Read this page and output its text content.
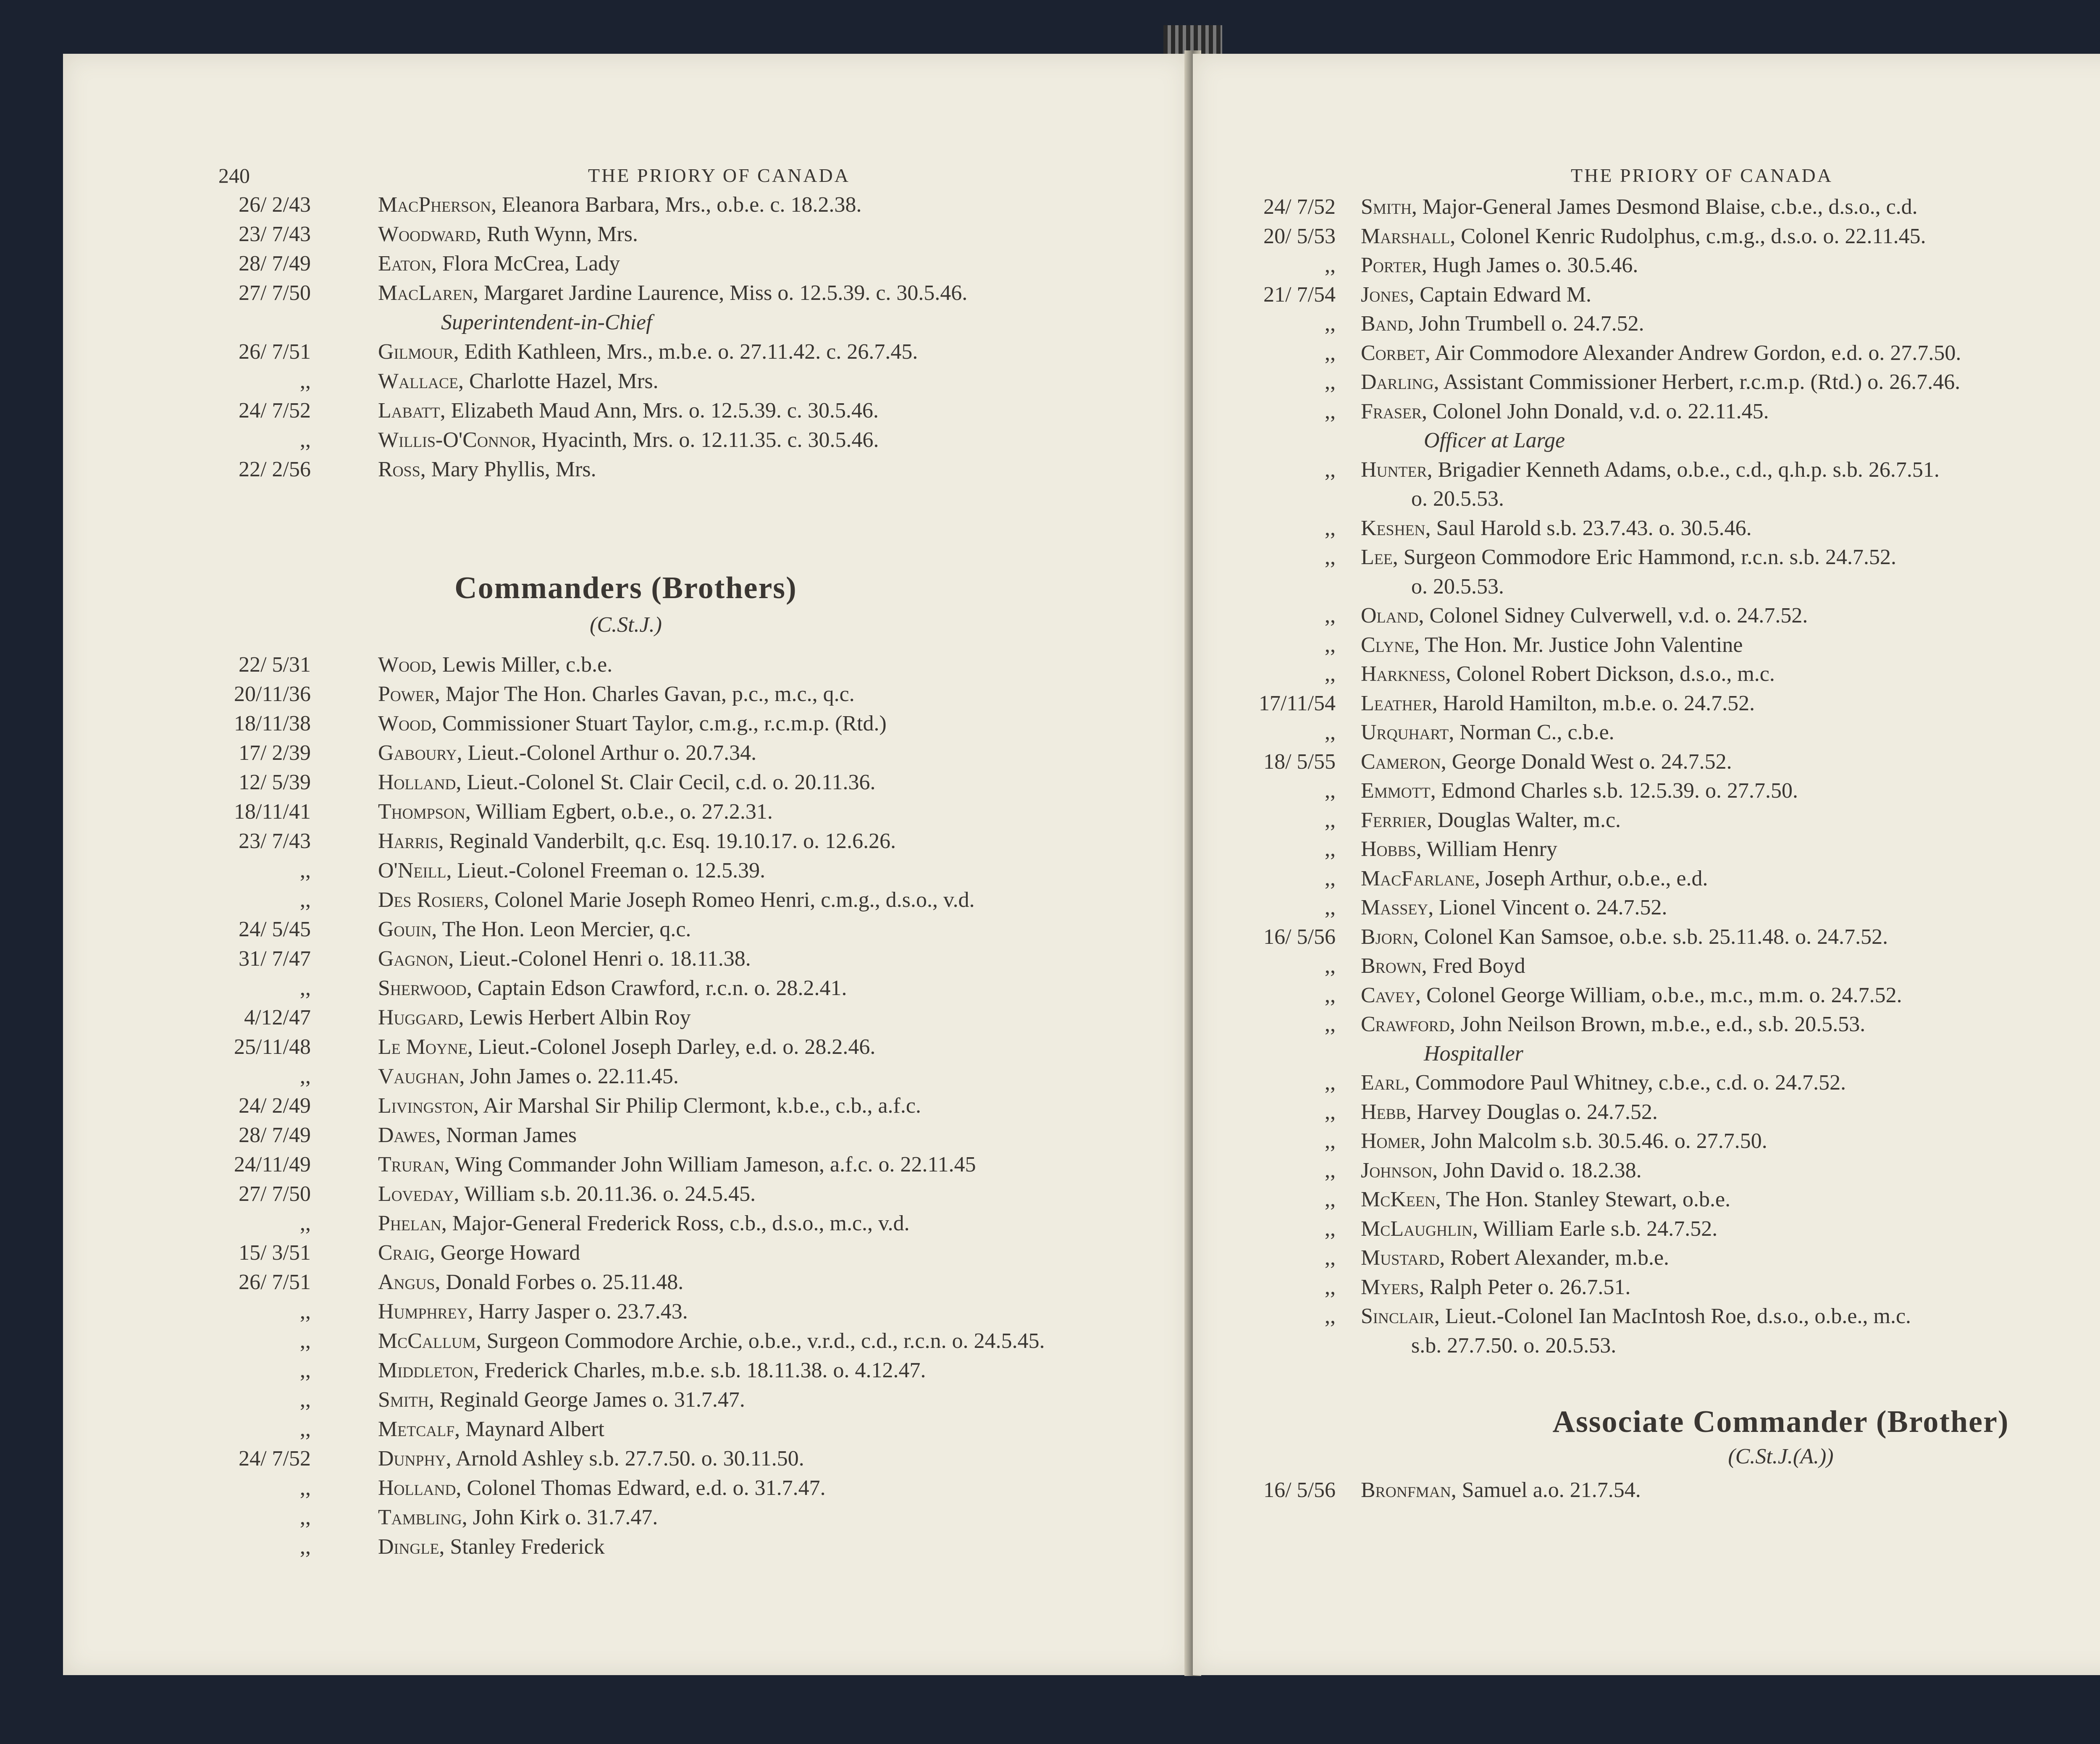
240	THE PRIORY OF CANADA
26/ 2/43	MacPherson, Eleanora Barbara, Mrs., o.b.e. c. 18.2.38.
23/ 7/43	Woodward, Ruth Wynn, Mrs.
28/ 7/49	Eaton, Flora McCrea, Lady
27/ 7/50	MacLaren, Margaret Jardine Laurence, Miss o. 12.5.39. c. 30.5.46.
Superintendent-in-Chief
26/ 7/51	Gilmour, Edith Kathleen, Mrs., m.b.e. o. 27.11.42. c. 26.7.45.
,,	Wallace, Charlotte Hazel, Mrs.
24/ 7/52	Labatt, Elizabeth Maud Ann, Mrs. o. 12.5.39. c. 30.5.46.
,,	Willis-O'Connor, Hyacinth, Mrs. o. 12.11.35. c. 30.5.46.
22/ 2/56	Ross, Mary Phyllis, Mrs.
Commanders (Brothers)
(C.St.J.)
22/ 5/31	Wood, Lewis Miller, c.b.e.
20/11/36	Power, Major The Hon. Charles Gavan, p.c., m.c., q.c.
18/11/38	Wood, Commissioner Stuart Taylor, c.m.g., r.c.m.p. (Rtd.)
17/ 2/39	Gaboury, Lieut.-Colonel Arthur o. 20.7.34.
12/ 5/39	Holland, Lieut.-Colonel St. Clair Cecil, c.d. o. 20.11.36.
18/11/41	Thompson, William Egbert, o.b.e., o. 27.2.31.
23/ 7/43	Harris, Reginald Vanderbilt, q.c. Esq. 19.10.17. o. 12.6.26.
,,	O'Neill, Lieut.-Colonel Freeman o. 12.5.39.
,,	Des Rosiers, Colonel Marie Joseph Romeo Henri, c.m.g., d.s.o., v.d.
24/ 5/45	Gouin, The Hon. Leon Mercier, q.c.
31/ 7/47	Gagnon, Lieut.-Colonel Henri o. 18.11.38.
,,	Sherwood, Captain Edson Crawford, r.c.n. o. 28.2.41.
4/12/47	Huggard, Lewis Herbert Albin Roy
25/11/48	Le Moyne, Lieut.-Colonel Joseph Darley, e.d. o. 28.2.46.
,,	Vaughan, John James o. 22.11.45.
24/ 2/49	Livingston, Air Marshal Sir Philip Clermont, k.b.e., c.b., a.f.c.
28/ 7/49	Dawes, Norman James
24/11/49	Truran, Wing Commander John William Jameson, a.f.c. o. 22.11.45
27/ 7/50	Loveday, William s.b. 20.11.36. o. 24.5.45.
,,	Phelan, Major-General Frederick Ross, c.b., d.s.o., m.c., v.d.
15/ 3/51	Craig, George Howard
26/ 7/51	Angus, Donald Forbes o. 25.11.48.
,,	Humphrey, Harry Jasper o. 23.7.43.
,,	McCallum, Surgeon Commodore Archie, o.b.e., v.r.d., c.d., r.c.n. o. 24.5.45.
,,	Middleton, Frederick Charles, m.b.e. s.b. 18.11.38. o. 4.12.47.
,,	Smith, Reginald George James o. 31.7.47.
,,	Metcalf, Maynard Albert
24/ 7/52	Dunphy, Arnold Ashley s.b. 27.7.50. o. 30.11.50.
,,	Holland, Colonel Thomas Edward, e.d. o. 31.7.47.
,,	Tambling, John Kirk o. 31.7.47.
,,	Dingle, Stanley Frederick
THE PRIORY OF CANADA
24/ 7/52 Smith, Major-General James Desmond Blaise, c.b.e., d.s.o., c.d.
20/ 5/53 Marshall, Colonel Kenric Rudolphus, c.m.g., d.s.o. o. 22.11.45.
,, Porter, Hugh James o. 30.5.46.
21/ 7/54 Jones, Captain Edward M.
,, Band, John Trumbell o. 24.7.52.
,, Corbet, Air Commodore Alexander Andrew Gordon, e.d. o. 27.7.50.
,, Darling, Assistant Commissioner Herbert, r.c.m.p. (Rtd.) o. 26.7.46.
,, Fraser, Colonel John Donald, v.d. o. 22.11.45.
Officer at Large
,, Hunter, Brigadier Kenneth Adams, o.b.e., c.d., q.h.p. s.b. 26.7.51.
o. 20.5.53.
,, Keshen, Saul Harold s.b. 23.7.43. o. 30.5.46.
,, Lee, Surgeon Commodore Eric Hammond, r.c.n. s.b. 24.7.52.
o. 20.5.53.
,, Oland, Colonel Sidney Culverwell, v.d. o. 24.7.52.
,, Clyne, The Hon. Mr. Justice John Valentine
,, Harkness, Colonel Robert Dickson, d.s.o., m.c.
17/11/54 Leather, Harold Hamilton, m.b.e. o. 24.7.52.
,, Urquhart, Norman C., c.b.e.
18/ 5/55 Cameron, George Donald West o. 24.7.52.
,, Emmott, Edmond Charles s.b. 12.5.39. o. 27.7.50.
,, Ferrier, Douglas Walter, m.c.
,, Hobbs, William Henry
,, MacFarlane, Joseph Arthur, o.b.e., e.d.
,, Massey, Lionel Vincent o. 24.7.52.
16/ 5/56 Bjorn, Colonel Kan Samsoe, o.b.e. s.b. 25.11.48. o. 24.7.52.
,, Brown, Fred Boyd
,, Cavey, Colonel George William, o.b.e., m.c., m.m. o. 24.7.52.
,, Crawford, John Neilson Brown, m.b.e., e.d., s.b. 20.5.53.
Hospitaller
,, Earl, Commodore Paul Whitney, c.b.e., c.d. o. 24.7.52.
,, Hebb, Harvey Douglas o. 24.7.52.
,, Homer, John Malcolm s.b. 30.5.46. o. 27.7.50.
,, Johnson, John David o. 18.2.38.
,, McKeen, The Hon. Stanley Stewart, o.b.e.
,, McLaughlin, William Earle s.b. 24.7.52.
,, Mustard, Robert Alexander, m.b.e.
,, Myers, Ralph Peter o. 26.7.51.
,, Sinclair, Lieut.-Colonel Ian MacIntosh Roe, d.s.o., o.b.e., m.c.
s.b. 27.7.50. o. 20.5.53.
Associate Commander (Brother)
(C.St.J.(A.))
16/ 5/56 Bronfman, Samuel a.o. 21.7.54.
